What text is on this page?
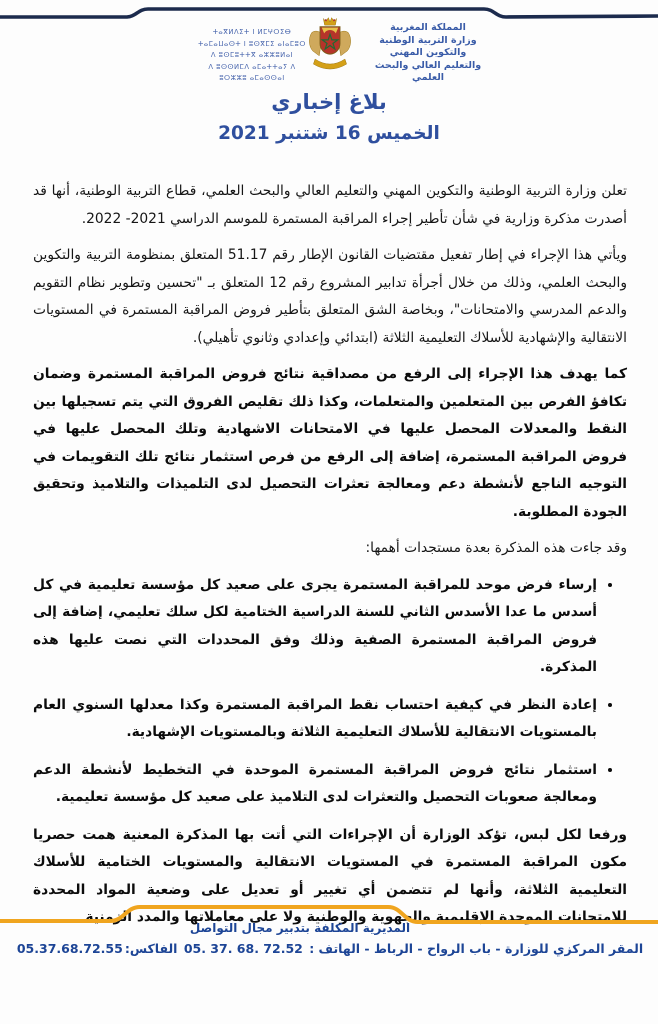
ⵜⴰⴳⵍⴷⵉⵜ ⵏ ⵍⵎⵖⵔⵉⴱ
ⵜⴰⵎⴰⵡⴰⵙⵜ ⵏ ⵓⵙⴳⵎⵉ ⴰⵏⴰⵎⵓⵔ
ⴷ ⵓⵙⵎⵓⵜⵜⴳ ⴰⵣⵣⵓⵍⴰⵏ
ⴷ ⵓⵙⵙⵍⵎⴷ ⴰⵎⴰⵜⵜⴰⵢ ⴷ ⵓⵔⵣⵣⵓ ⴰⵎⴰⵙⵙⴰⵏ
المملكة المغربية
وزارة التربية الوطنية
والتكوين المهني
والتعليم العالي والبحث العلمي
بلاغ إخباري
الخميس 16 شتنبر 2021

تعلن وزارة التربية الوطنية والتكوين المهني والتعليم العالي والبحث العلمي، قطاع التربية الوطنية، أنها قد أصدرت مذكرة وزارية في شأن تأطير إجراء المراقبة المستمرة للموسم الدراسي 2021- 2022.

ويأتي هذا الإجراء في إطار تفعيل مقتضيات القانون الإطار رقم 51.17 المتعلق بمنظومة التربية والتكوين والبحث العلمي، وذلك من خلال أجرأة تدابير المشروع رقم 12 المتعلق بـ "تحسين وتطوير نظام التقويم والدعم المدرسي والامتحانات"، وبخاصة الشق المتعلق بتأطير فروض المراقبة المستمرة في المستويات الانتقالية والإشهادية للأسلاك التعليمية الثلاثة (ابتدائي وإعدادي وثانوي تأهيلي).

كما يهدف هذا الإجراء إلى الرفع من مصداقية نتائج فروض المراقبة المستمرة وضمان تكافؤ الفرص بين المتعلمين والمتعلمات، وكذا ذلك تقليص الفروق التي يتم تسجيلها بين النقط والمعدلات المحصل عليها في الامتحانات الاشهادية وتلك المحصل عليها في فروض المراقبة المستمرة، إضافة إلى الرفع من فرص استثمار نتائج تلك التقويمات في التوجيه الناجع لأنشطة دعم ومعالجة تعثرات التحصيل لدى التلميذات والتلاميذ وتحقيق الجودة المطلوبة.

وقد جاءت هذه المذكرة بعدة مستجدات أهمها:

• إرساء فرض موحد للمراقبة المستمرة يجرى على صعيد كل مؤسسة تعليمية في كل أسدس ما عدا الأسدس الثاني للسنة الدراسية الختامية لكل سلك تعليمي، إضافة إلى فروض المراقبة المستمرة الصفية وذلك وفق المحددات التي نصت عليها هذه المذكرة.
• إعادة النظر في كيفية احتساب نقط المراقبة المستمرة وكذا معدلها السنوي العام بالمستويات الانتقالية للأسلاك التعليمية الثلاثة وبالمستويات الإشهادية.
• استثمار نتائج فروض المراقبة المستمرة الموحدة في التخطيط لأنشطة الدعم ومعالجة صعوبات التحصيل والتعثرات لدى التلاميذ على صعيد كل مؤسسة تعليمية.

ورفعا لكل لبس، تؤكد الوزارة أن الإجراءات التي أتت بها المذكرة المعنية همت حصريا مكون المراقبة المستمرة في المستويات الانتقالية والمستويات الختامية للأسلاك التعليمية الثلاثة، وأنها لم تتضمن أي تغيير أو تعديل على وضعية المواد المحددة للامتحانات الموحدة الإقليمية والجهوية والوطنية ولا على معاملاتها والمدد الزمنية

المديرية المكلفة بتدبير مجال التواصل
المقر المركزي للوزارة - باب الرواح - الرباط - الهاتف : 05. 37. 68. 72.52 الفاكس:05.37.68.72.55
